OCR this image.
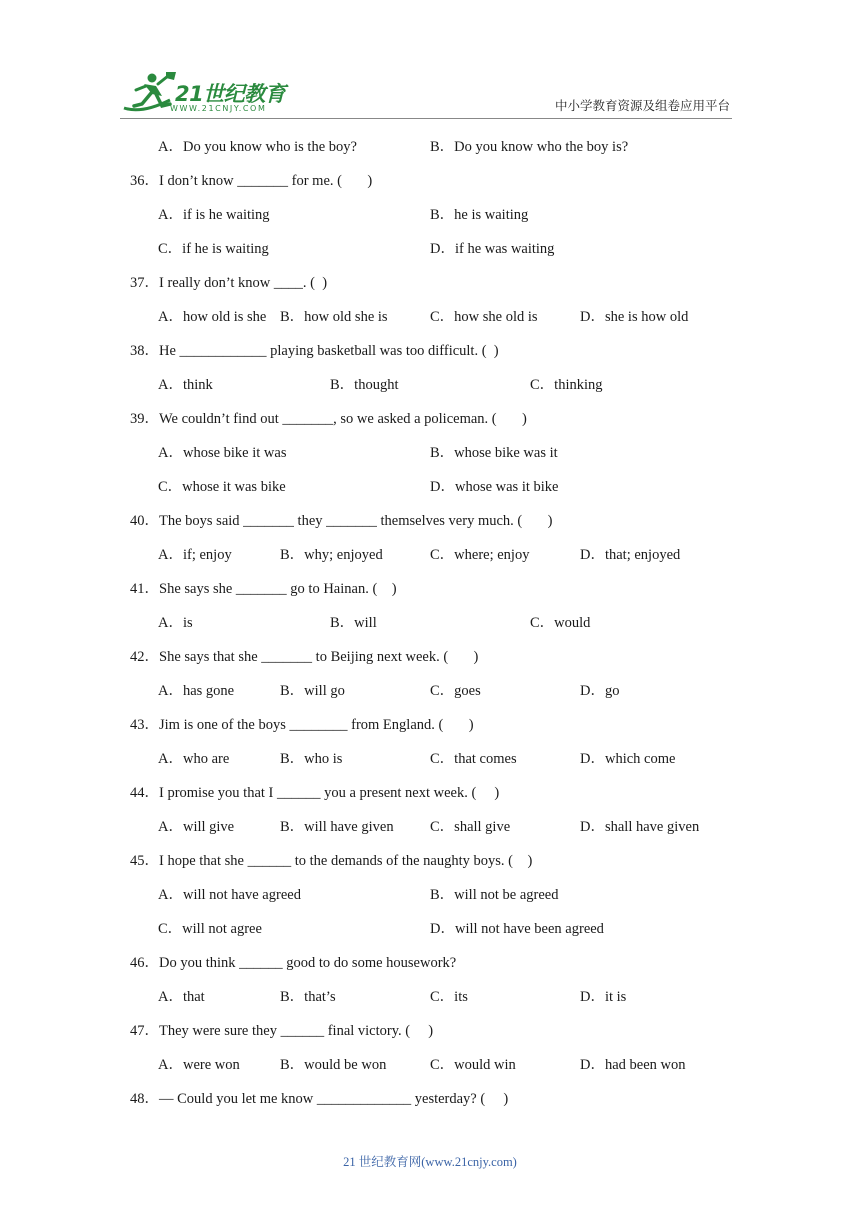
21世纪教育
WWW.21CNJY.COM	中小学教育资源及组卷应用平台
A．Do you know who is the boy?	B．Do you know who the boy is?
36．I don’t know _______ for me. (       )
A．if is he waiting	B．he is waiting
C．if he is waiting	D．if he was waiting
37．I really don’t know ____. (  )
A．how old is she B．how old she is	C．how she old is	D．she is how old
38．He ____________ playing basketball was too difficult. (  )
A．think	B．thought	C．thinking
39．We couldn’t find out _______, so we asked a policeman. (       )
A．whose bike it was	B．whose bike was it
C．whose it was bike	D．whose was it bike
40．The boys said _______ they _______ themselves very much. (       )
A．if; enjoy	B．why; enjoyed	C．where; enjoy	D．that; enjoyed
41．She says she _______ go to Hainan. (    )
A．is	B．will	C．would
42．She says that she _______ to Beijing next week. (       )
A．has gone	B．will go	C．goes	D．go
43．Jim is one of the boys ________ from England. (       )
A．who are	B．who is	C．that comes	D．which come
44．I promise you that I ______ you a present next week. (     )
A．will give	B．will have given	C．shall give	D．shall have given
45．I hope that she ______ to the demands of the naughty boys. (    )
A．will not have agreed	B．will not be agreed
C．will not agree	D．will not have been agreed
46．Do you think ______ good to do some housework?
A．that	B．that’s	C．its	D．it is
47．They were sure they ______ final victory. (     )
A．were won	B．would be won	C．would win	D．had been won
48．— Could you let me know _____________ yesterday? (     )
21 世纪教育网(www.21cnjy.com)
